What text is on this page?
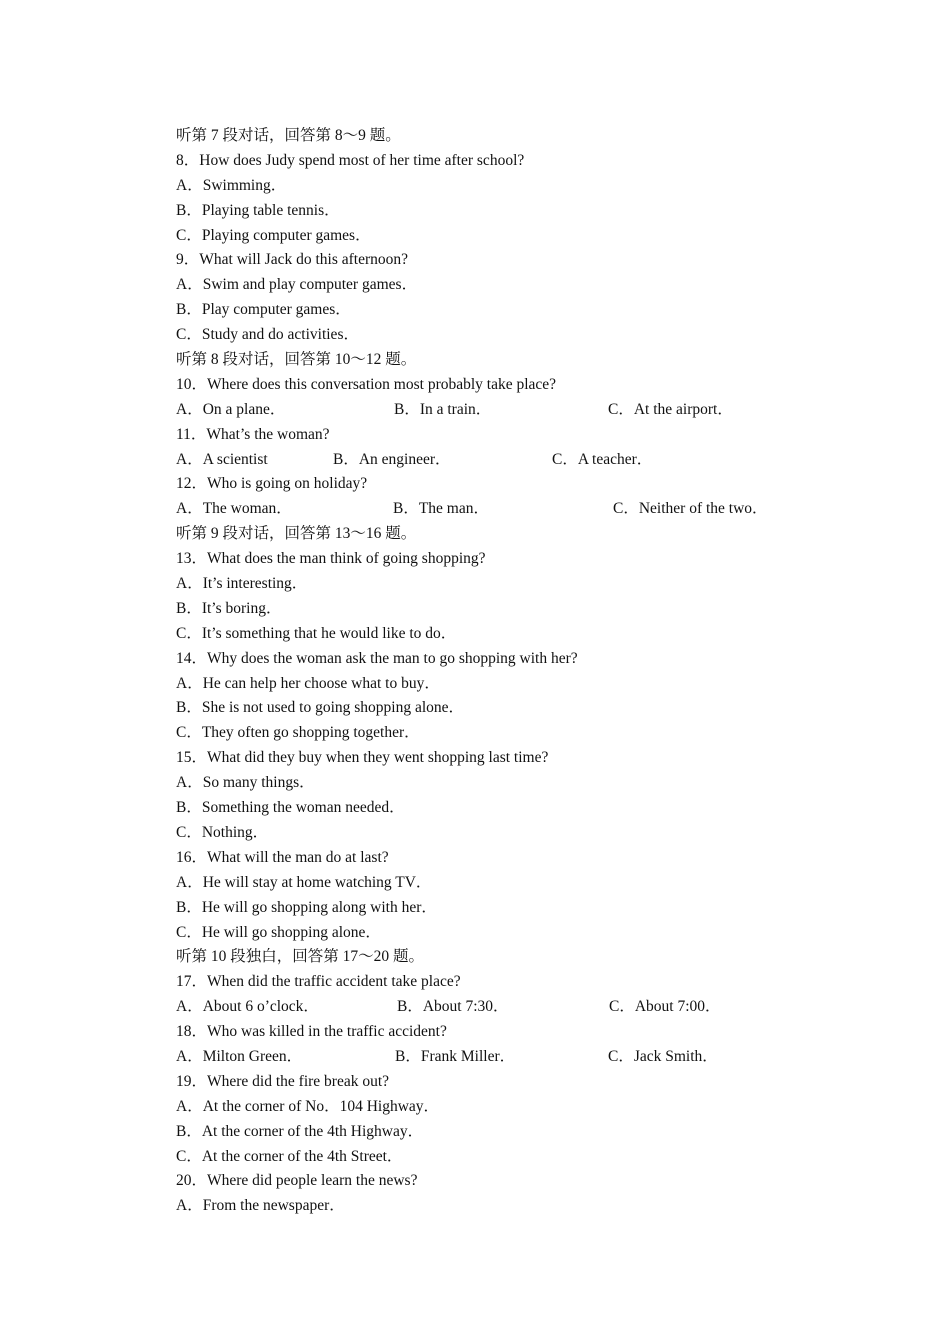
听第 7 段对话，回答第 8～9 题。
8．How does Judy spend most of her time after school?
A．Swimming．
B．Playing table tennis．
C．Playing computer games．
9．What will Jack do this afternoon?
A．Swim and play computer games．
B．Play computer games．
C．Study and do activities．
听第 8 段对话，回答第 10～12 题。
10．Where does this conversation most probably take place?

A．On a plane．

	B．In a train．

	C．At the airport．

11．What’s the woman?

A．A scientist

	B．An engineer．

	C．A teacher．

12．Who is going on holiday?

A．The woman．

	B．The man．

	C．Neither of the two．

听第 9 段对话，回答第 13～16 题。
13．What does the man think of going shopping?
A．It’s interesting．
B．It’s boring．
C．It’s something that he would like to do．
14．Why does the woman ask the man to go shopping with her?
A．He can help her choose what to buy．
B．She is not used to going shopping alone．
C．They often go shopping together．
15．What did they buy when they went shopping last time?
A．So many things．
B．Something the woman needed．
C．Nothing．
16．What will the man do at last?
A．He will stay at home watching TV．
B．He will go shopping along with her．
C．He will go shopping alone．
听第 10 段独白，回答第 17～20 题。
17．When did the traffic accident take place?

A．About 6 o’clock．

	B．About 7:30．

	C．About 7:00．

18．Who was killed in the traffic accident?

A．Milton Green．

	B．Frank Miller．

	C．Jack Smith．

19．Where did the fire break out?
A．At the corner of No．104 Highway．
B．At the corner of the 4th Highway．
C．At the corner of the 4th Street．
20．Where did people learn the news?
A．From the newspaper．
